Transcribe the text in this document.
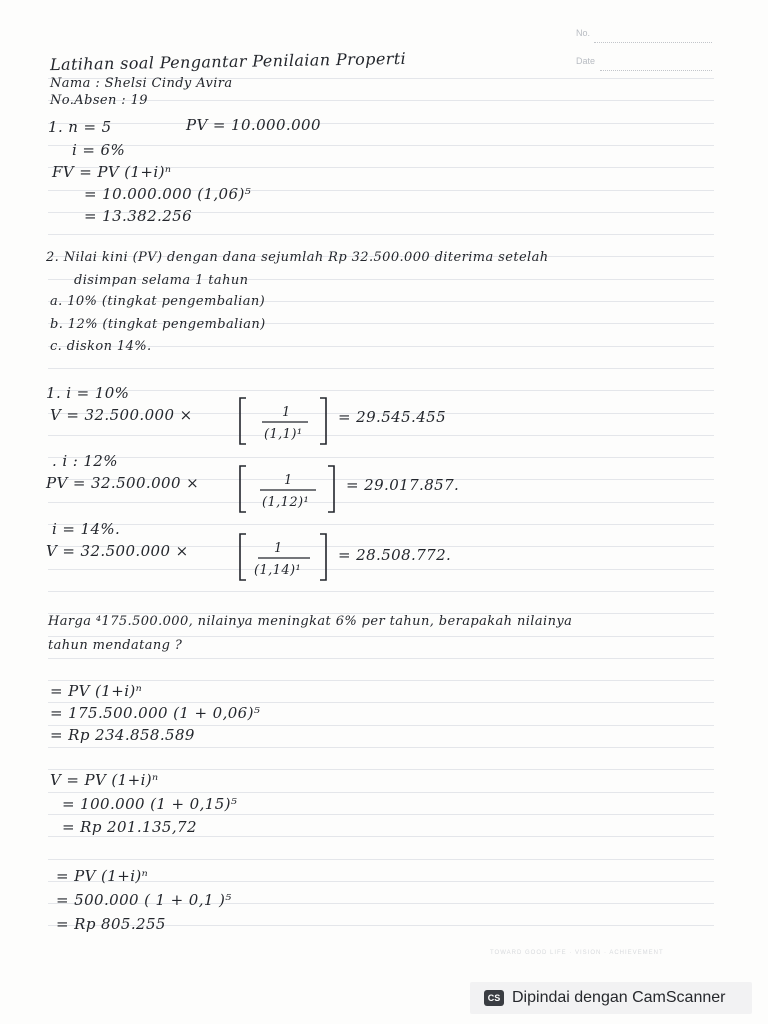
No.
Date
Latihan soal Pengantar Penilaian Properti
Nama : Shelsi Cindy Avira
No.Absen : 19
1. n = 5	PV = 10.000.000
i = 6%
FV = PV (1+i)ⁿ
= 10.000.000 (1,06)⁵
= 13.382.256
2. Nilai kini (PV) dengan dana sejumlah Rp 32.500.000 diterima setelah
disimpan selama 1 tahun
a. 10% (tingkat pengembalian)
b. 12% (tingkat pengembalian)
c. diskon 14%.
1. i = 10%
V = 32.500.000 ×	1
(1,1)¹
= 29.545.455
. i : 12%
PV = 32.500.000 ×	1
(1,12)¹
= 29.017.857.
i = 14%.
V = 32.500.000 ×	1
(1,14)¹
= 28.508.772.
Harga ⁴175.500.000, nilainya meningkat 6% per tahun, berapakah nilainya
tahun mendatang ?
= PV (1+i)ⁿ
= 175.500.000 (1 + 0,06)⁵
= Rp 234.858.589
V = PV (1+i)ⁿ
= 100.000 (1 + 0,15)⁵
= Rp 201.135,72
= PV (1+i)ⁿ
= 500.000 ( 1 + 0,1 )⁵
= Rp 805.255
TOWARD GOOD LIFE · VISION · ACHIEVEMENT
CS Dipindai dengan CamScanner
